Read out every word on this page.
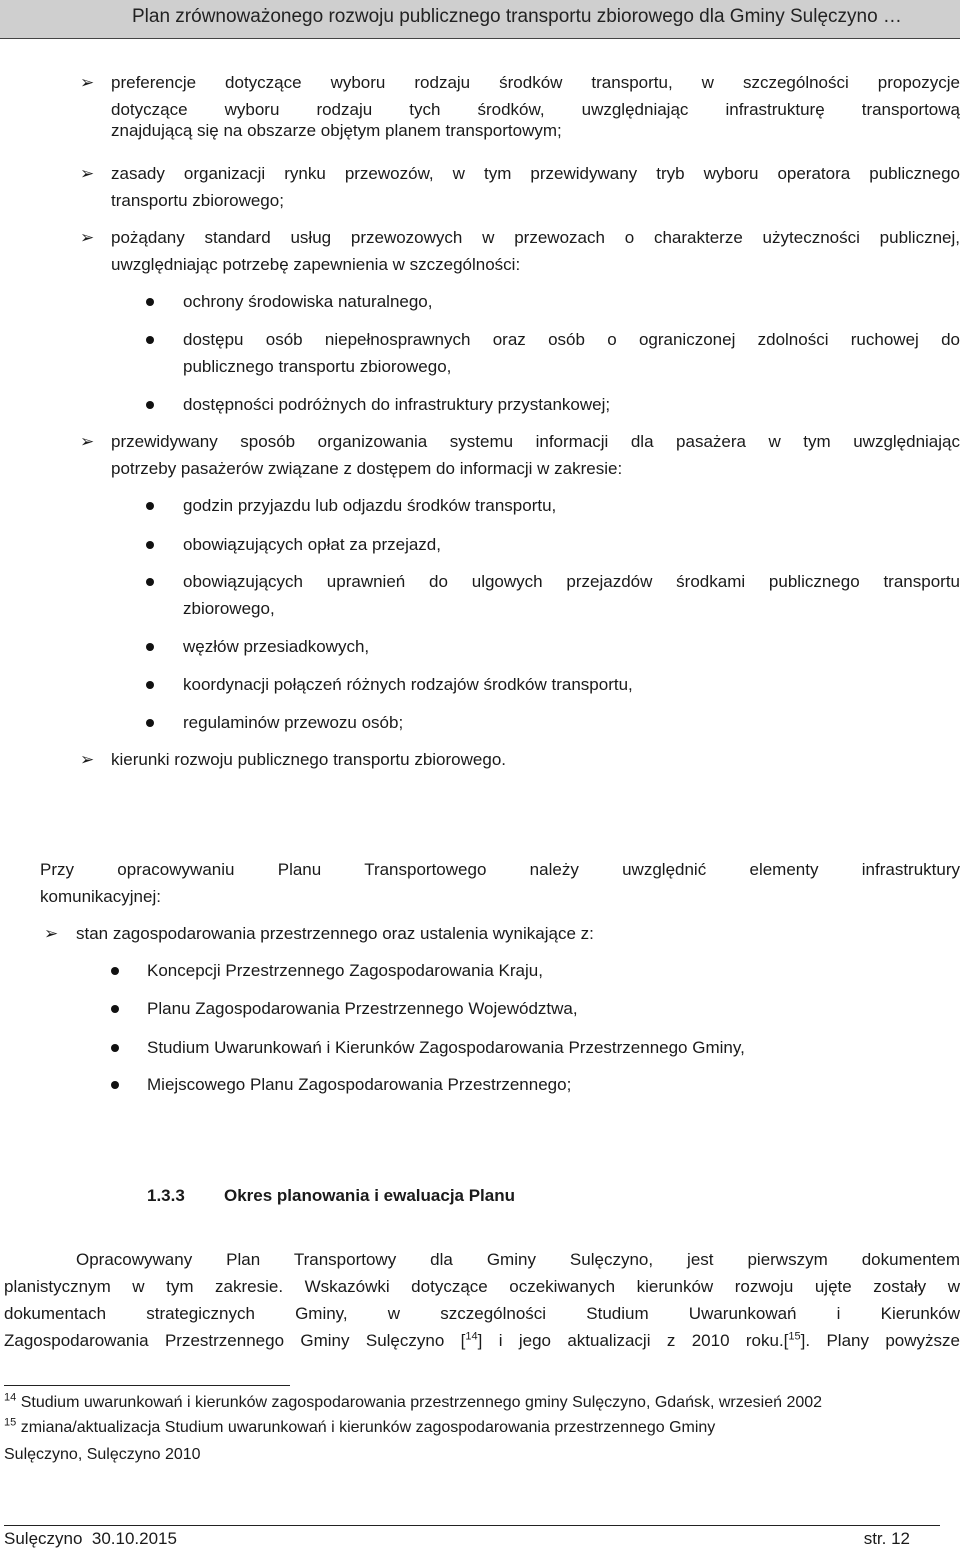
Plan zrównoważonego rozwoju publicznego transportu zbiorowego dla Gminy Sulęczyno …
➢ preferencje dotyczące wyboru rodzaju środków transportu, w szczególności propozycje
dotyczące wyboru rodzaju tych środków, uwzględniając infrastrukturę transportową
znajdującą się na obszarze objętym planem transportowym;
➢ zasady organizacji rynku przewozów, w tym przewidywany tryb wyboru operatora publicznego
transportu zbiorowego;
➢ pożądany standard usług przewozowych w przewozach o charakterze użyteczności publicznej,
uwzględniając potrzebę zapewnienia w szczególności:
ochrony środowiska naturalnego,
dostępu osób niepełnosprawnych oraz osób o ograniczonej zdolności ruchowej do
publicznego transportu zbiorowego,
dostępności podróżnych do infrastruktury przystankowej;
➢ przewidywany sposób organizowania systemu informacji dla pasażera w tym uwzględniając
potrzeby pasażerów związane z dostępem do informacji w zakresie:
godzin przyjazdu lub odjazdu środków transportu,
obowiązujących opłat za przejazd,
obowiązujących uprawnień do ulgowych przejazdów środkami publicznego transportu
zbiorowego,
węzłów przesiadkowych,
koordynacji połączeń różnych rodzajów środków transportu,
regulaminów przewozu osób;
➢ kierunki rozwoju publicznego transportu zbiorowego.
Przy opracowywaniu Planu Transportowego należy uwzględnić elementy infrastruktury
komunikacyjnej:
➢ stan zagospodarowania przestrzennego oraz ustalenia wynikające z:
Koncepcji Przestrzennego Zagospodarowania Kraju,
Planu Zagospodarowania Przestrzennego Województwa,
Studium Uwarunkowań i Kierunków Zagospodarowania Przestrzennego Gminy,
Miejscowego Planu Zagospodarowania Przestrzennego;
1.3.3 Okres planowania i ewaluacja Planu
Opracowywany Plan Transportowy dla Gminy Sulęczyno, jest pierwszym dokumentem
planistycznym w tym zakresie. Wskazówki dotyczące oczekiwanych kierunków rozwoju ujęte zostały w
dokumentach strategicznych Gminy, w szczególności Studium Uwarunkowań i Kierunków
Zagospodarowania Przestrzennego Gminy Sulęczyno [$^{14}$] i jego aktualizacji z 2010 roku.[$^{15}$]. Plany powyższe
$^{14}$ Studium uwarunkowań i kierunków zagospodarowania przestrzennego gminy Sulęczyno, Gdańsk, wrzesień 2002
$^{15}$ zmiana/aktualizacja Studium uwarunkowań i kierunków zagospodarowania przestrzennego Gminy
Sulęczyno, Sulęczyno 2010
Sulęczyno  30.10.2015	str. 12
